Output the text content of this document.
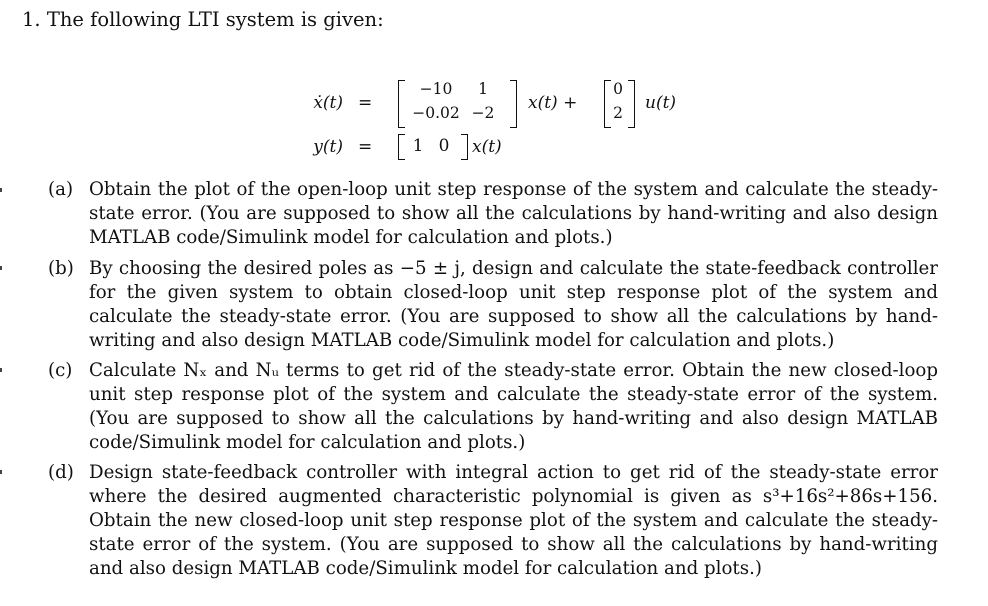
1. The following LTI system is given:
ẋ(t) =
−10	1
−0.02 −2 x(t) +
0
2 u(t)
y(t) = 1 0 x(t)
(a) Obtain the plot of the open-loop unit step response of the system and calculate the steady-state error. (You are supposed to show all the calculations by hand-writing and also design MATLAB code/Simulink model for calculation and plots.)
(b) By choosing the desired poles as −5 ± j, design and calculate the state-feedback controller for the given system to obtain closed-loop unit step response plot of the system and calculate the steady-state error. (You are supposed to show all the calculations by hand-writing and also design MATLAB code/Simulink model for calculation and plots.)
(c) Calculate Nₓ and Nᵤ terms to get rid of the steady-state error. Obtain the new closed-loop unit step response plot of the system and calculate the steady-state error of the system. (You are supposed to show all the calculations by hand-writing and also design MATLAB code/Simulink model for calculation and plots.)
(d) Design state-feedback controller with integral action to get rid of the steady-state error where the desired augmented characteristic polynomial is given as s³+16s²+86s+156. Obtain the new closed-loop unit step response plot of the system and calculate the steady-state error of the system. (You are supposed to show all the calculations by hand-writing and also design MATLAB code/Simulink model for calculation and plots.)
